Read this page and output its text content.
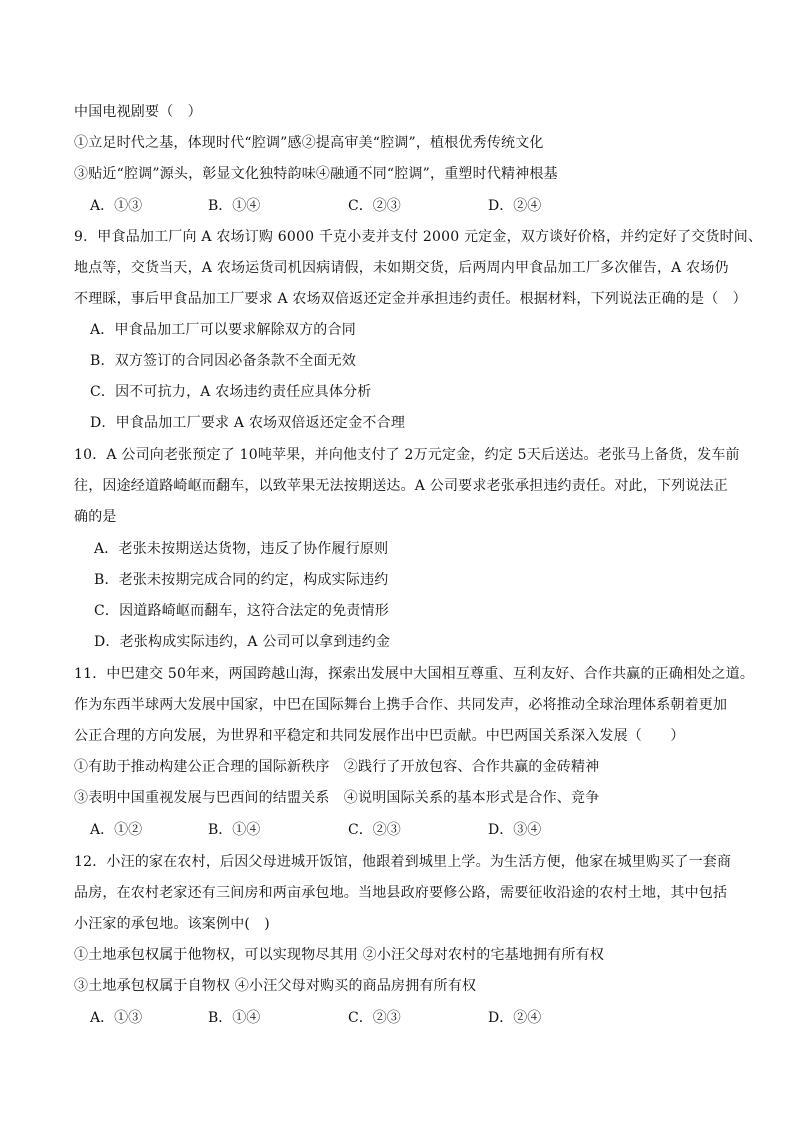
中国电视剧要（　）
①立足时代之基，体现时代“腔调”感②提高审美“腔调”，植根优秀传统文化
③贴近“腔调”源头，彰显文化独特韵味④融通不同“腔调”，重塑时代精神根基
A．①③	B．①④	C．②③	D．②④
9．甲食品加工厂向 A 农场订购 6000 千克小麦并支付 2000 元定金，双方谈好价格，并约定好了交货时间、
地点等，交货当天，A 农场运货司机因病请假，未如期交货，后两周内甲食品加工厂多次催告，A 农场仍
不理睬，事后甲食品加工厂要求 A 农场双倍返还定金并承担违约责任。根据材料，下列说法正确的是（　）
A．甲食品加工厂可以要求解除双方的合同
B．双方签订的合同因必备条款不全面无效
C．因不可抗力，A 农场违约责任应具体分析
D．甲食品加工厂要求 A 农场双倍返还定金不合理
10．A 公司向老张预定了 10吨苹果，并向他支付了 2万元定金，约定 5天后送达。老张马上备货，发车前
往，因途经道路崎岖而翻车，以致苹果无法按期送达。A 公司要求老张承担违约责任。对此，下列说法正
确的是
A．老张未按期送达货物，违反了协作履行原则
B．老张未按期完成合同的约定，构成实际违约
C．因道路崎岖而翻车，这符合法定的免责情形
D．老张构成实际违约，A 公司可以拿到违约金
11．中巴建交 50年来，两国跨越山海，探索出发展中大国相互尊重、互利友好、合作共赢的正确相处之道。
作为东西半球两大发展中国家，中巴在国际舞台上携手合作、共同发声，必将推动全球治理体系朝着更加
公正合理的方向发展，为世界和平稳定和共同发展作出中巴贡献。中巴两国关系深入发展（　　）
①有助于推动构建公正合理的国际新秩序　②践行了开放包容、合作共赢的金砖精神
③表明中国重视发展与巴西间的结盟关系　④说明国际关系的基本形式是合作、竞争
A．①②	B．①④	C．②③	D．③④
12．小汪的家在农村，后因父母进城开饭馆，他跟着到城里上学。为生活方便，他家在城里购买了一套商
品房，在农村老家还有三间房和两亩承包地。当地县政府要修公路，需要征收沿途的农村土地，其中包括
小汪家的承包地。该案例中(　)
①土地承包权属于他物权，可以实现物尽其用 ②小汪父母对农村的宅基地拥有所有权
③土地承包权属于自物权 ④小汪父母对购买的商品房拥有所有权
A．①③	B．①④	C．②③	D．②④
